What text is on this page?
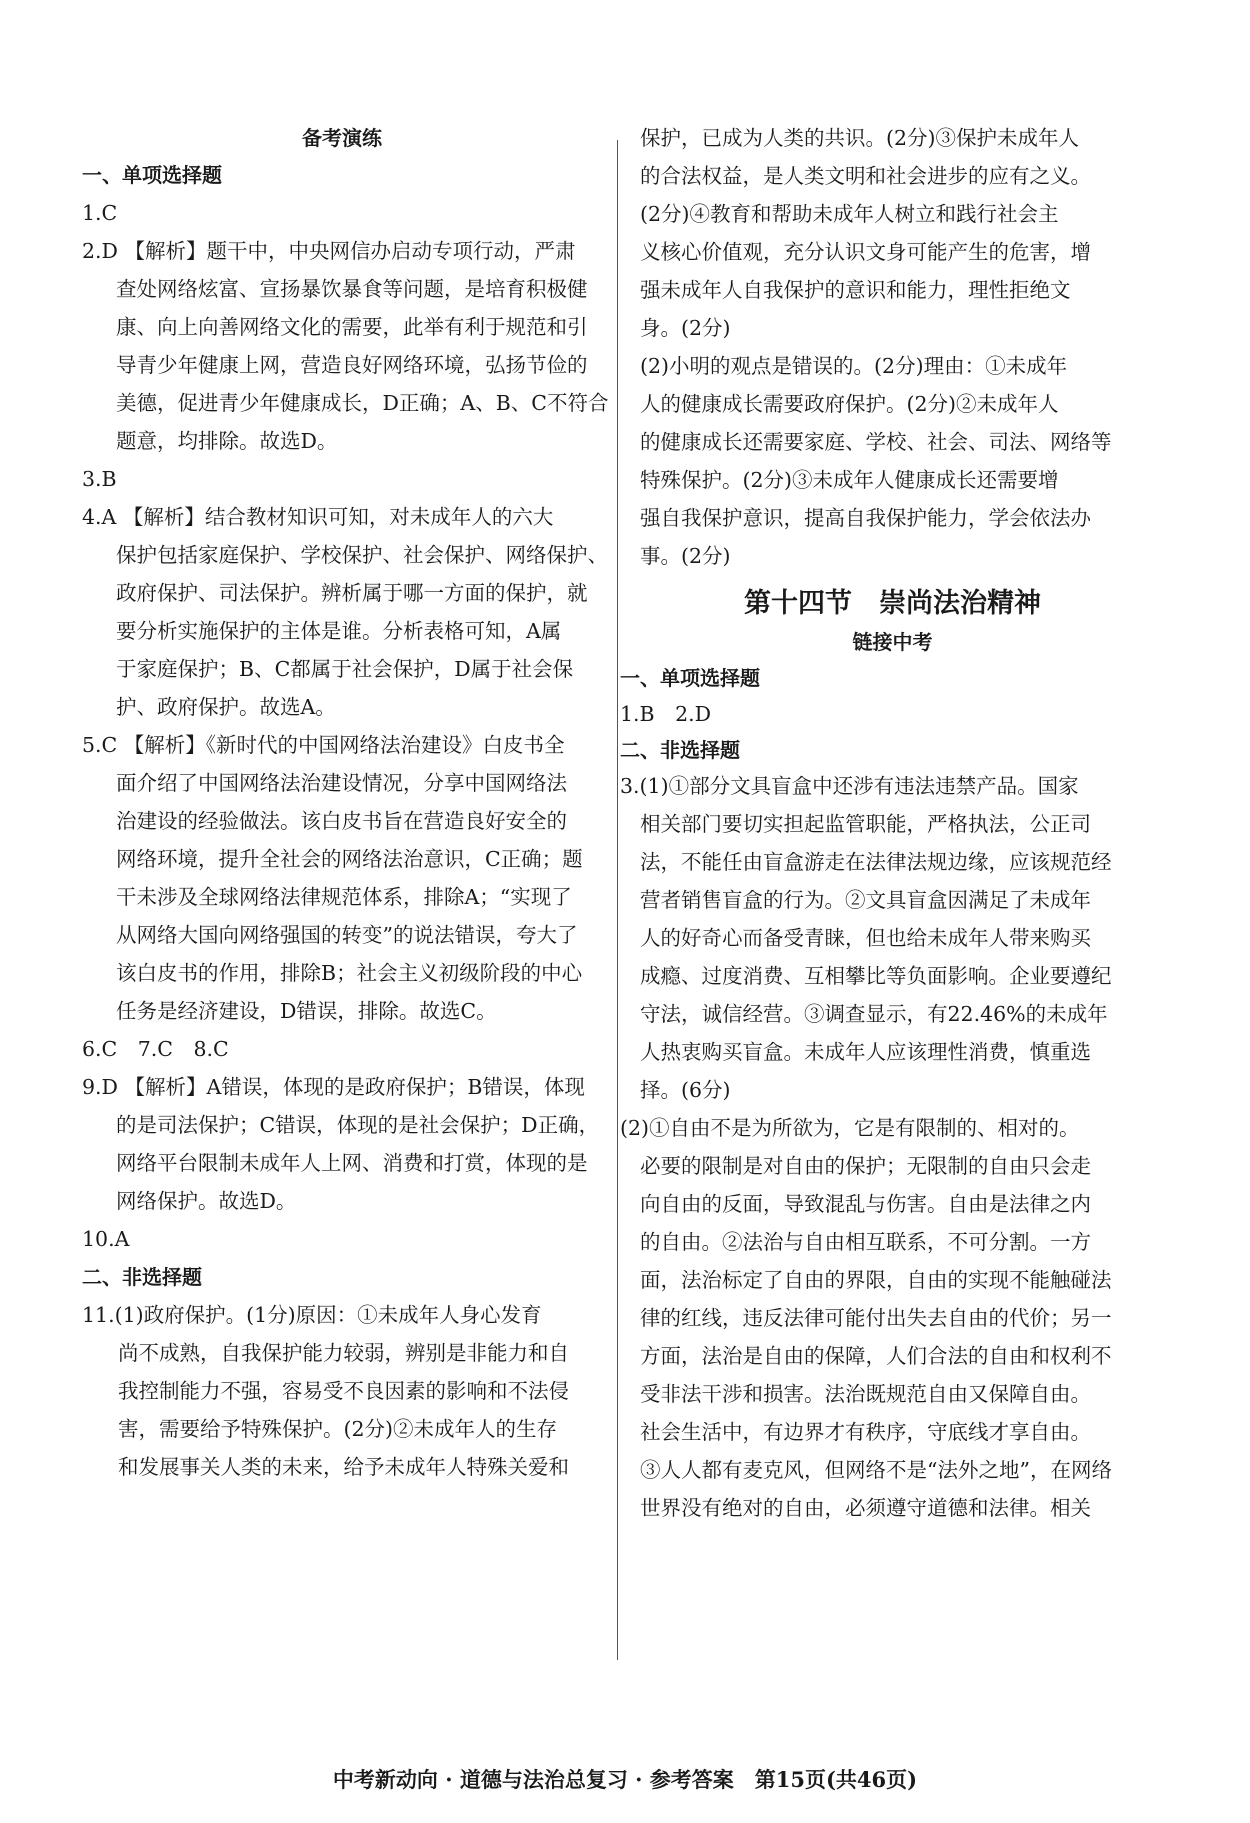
备考演练
一、单项选择题
1.C
2.D 【解析】题干中，中央网信办启动专项行动，严肃
查处网络炫富、宣扬暴饮暴食等问题，是培育积极健
康、向上向善网络文化的需要，此举有利于规范和引
导青少年健康上网，营造良好网络环境，弘扬节俭的
美德，促进青少年健康成长，D正确；A、B、C不符合
题意，均排除。故选D。
3.B
4.A 【解析】结合教材知识可知，对未成年人的六大
保护包括家庭保护、学校保护、社会保护、网络保护、
政府保护、司法保护。辨析属于哪一方面的保护，就
要分析实施保护的主体是谁。分析表格可知，A属
于家庭保护；B、C都属于社会保护，D属于社会保
护、政府保护。故选A。
5.C 【解析】《新时代的中国网络法治建设》白皮书全
面介绍了中国网络法治建设情况，分享中国网络法
治建设的经验做法。该白皮书旨在营造良好安全的
网络环境，提升全社会的网络法治意识，C正确；题
干未涉及全球网络法律规范体系，排除A；“实现了
从网络大国向网络强国的转变”的说法错误，夸大了
该白皮书的作用，排除B；社会主义初级阶段的中心
任务是经济建设，D错误，排除。故选C。
6.C　7.C　8.C
9.D 【解析】A错误，体现的是政府保护；B错误，体现
的是司法保护；C错误，体现的是社会保护；D正确，
网络平台限制未成年人上网、消费和打赏，体现的是
网络保护。故选D。
10.A
二、非选择题
11.(1)政府保护。(1分)原因：①未成年人身心发育
尚不成熟，自我保护能力较弱，辨别是非能力和自
我控制能力不强，容易受不良因素的影响和不法侵
害，需要给予特殊保护。(2分)②未成年人的生存
和发展事关人类的未来，给予未成年人特殊关爱和
保护，已成为人类的共识。(2分)③保护未成年人
的合法权益，是人类文明和社会进步的应有之义。
(2分)④教育和帮助未成年人树立和践行社会主
义核心价值观，充分认识文身可能产生的危害，增
强未成年人自我保护的意识和能力，理性拒绝文
身。(2分)
(2)小明的观点是错误的。(2分)理由：①未成年
人的健康成长需要政府保护。(2分)②未成年人
的健康成长还需要家庭、学校、社会、司法、网络等
特殊保护。(2分)③未成年人健康成长还需要增
强自我保护意识，提高自我保护能力，学会依法办
事。(2分)
第十四节　崇尚法治精神
链接中考
一、单项选择题
1.B　2.D
二、非选择题
3.(1)①部分文具盲盒中还涉有违法违禁产品。国家
相关部门要切实担起监管职能，严格执法，公正司
法，不能任由盲盒游走在法律法规边缘，应该规范经
营者销售盲盒的行为。②文具盲盒因满足了未成年
人的好奇心而备受青睐，但也给未成年人带来购买
成瘾、过度消费、互相攀比等负面影响。企业要遵纪
守法，诚信经营。③调查显示，有22.46%的未成年
人热衷购买盲盒。未成年人应该理性消费，慎重选
择。(6分)
(2)①自由不是为所欲为，它是有限制的、相对的。
必要的限制是对自由的保护；无限制的自由只会走
向自由的反面，导致混乱与伤害。自由是法律之内
的自由。②法治与自由相互联系，不可分割。一方
面，法治标定了自由的界限，自由的实现不能触碰法
律的红线，违反法律可能付出失去自由的代价；另一
方面，法治是自由的保障，人们合法的自由和权利不
受非法干涉和损害。法治既规范自由又保障自由。
社会生活中，有边界才有秩序，守底线才享自由。
③人人都有麦克风，但网络不是“法外之地”，在网络
世界没有绝对的自由，必须遵守道德和法律。相关
中考新动向 · 道德与法治总复习 · 参考答案　第15页(共46页)
